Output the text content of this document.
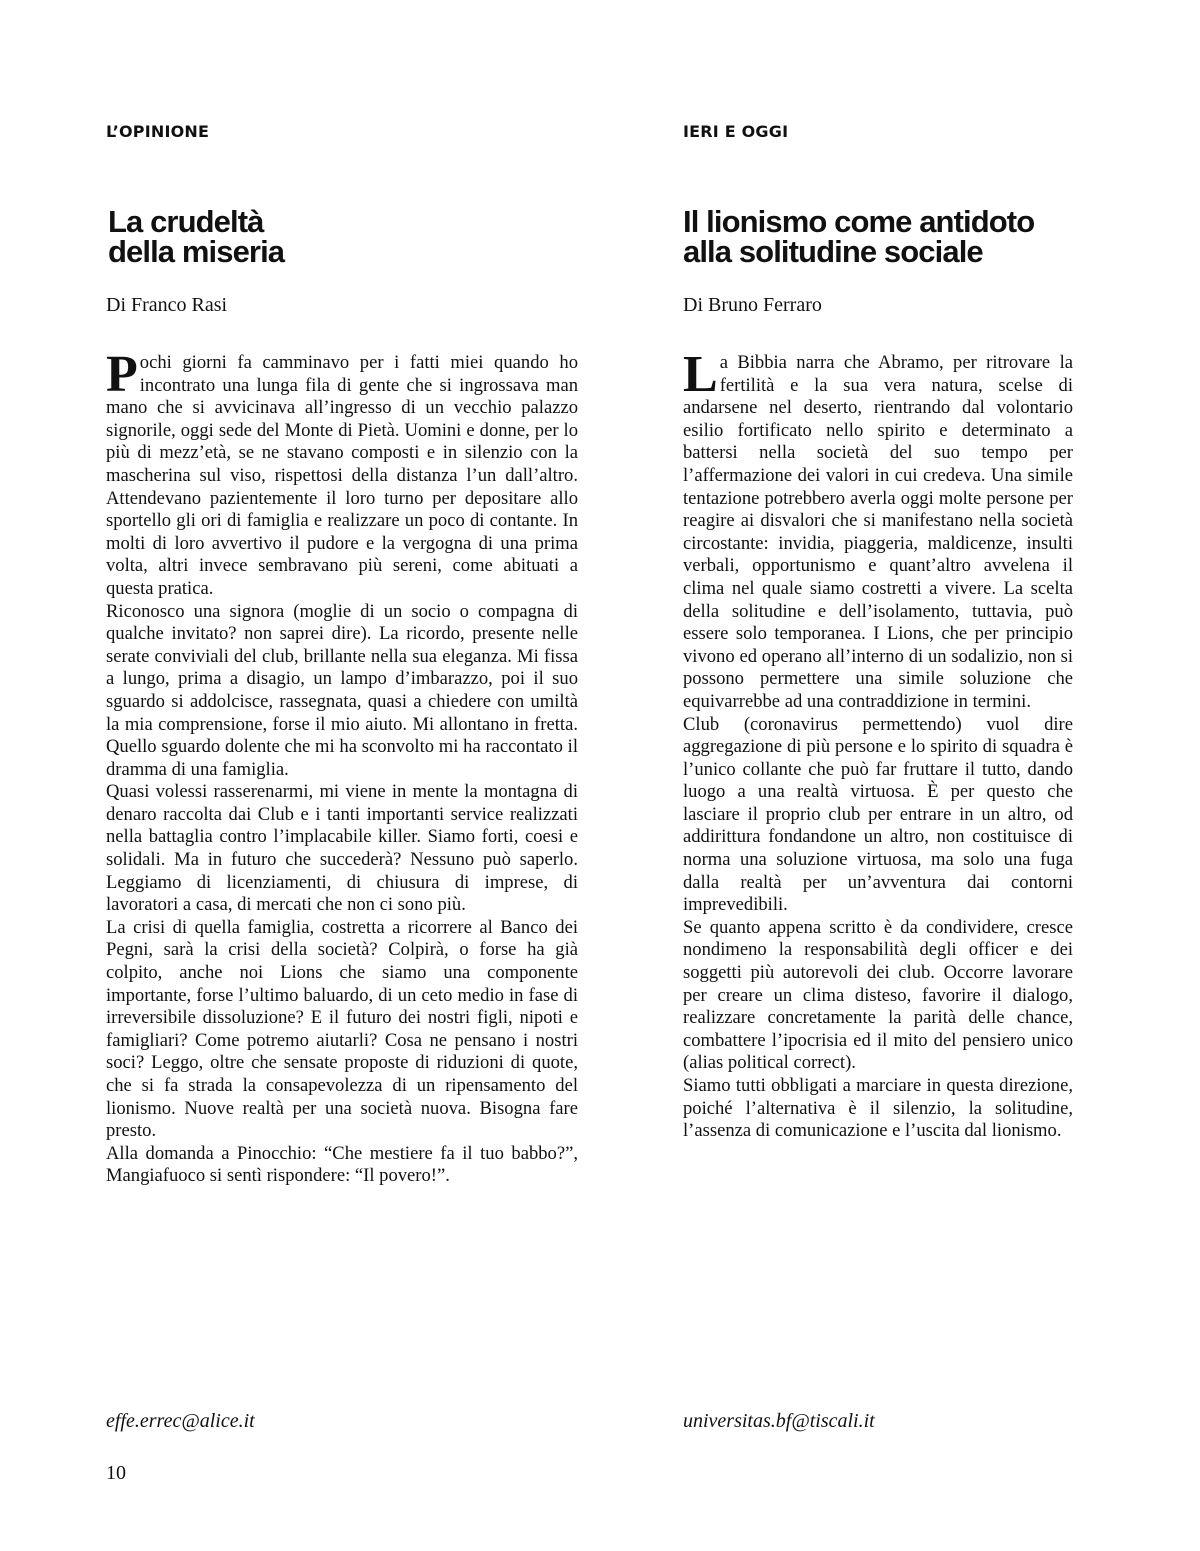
L’OPINIONE
La crudeltà
della miseria
Di Franco Rasi

Pochi giorni fa camminavo per i fatti miei quando ho incontrato una lunga fila di gente che si ingrossava man mano che si avvicinava all’ingresso di un vecchio palazzo signorile, oggi sede del Monte di Pietà. Uomini e donne, per lo più di mezz’età, se ne stavano composti e in silenzio con la mascherina sul viso, rispettosi della distanza l’un dall’altro. Attendevano pazientemente il loro turno per depositare allo sportello gli ori di famiglia e realizzare un poco di contante. In molti di loro avvertivo il pudore e la vergogna di una prima volta, altri invece sembravano più sereni, come abituati a questa pratica.

Riconosco una signora (moglie di un socio o compagna di qualche invitato? non saprei dire). La ricordo, presente nelle serate conviviali del club, brillante nella sua eleganza. Mi fissa a lungo, prima a disagio, un lampo d’imbarazzo, poi il suo sguardo si addolcisce, rassegnata, quasi a chiedere con umiltà la mia comprensione, forse il mio aiuto. Mi allontano in fretta. Quello sguardo dolente che mi ha sconvolto mi ha raccontato il dramma di una famiglia.

Quasi volessi rasserenarmi, mi viene in mente la montagna di denaro raccolta dai Club e i tanti importanti service realizzati nella battaglia contro l’implacabile killer. Siamo forti, coesi e solidali. Ma in futuro che succederà? Nessuno può saperlo. Leggiamo di licenziamenti, di chiusura di imprese, di lavoratori a casa, di mercati che non ci sono più.

La crisi di quella famiglia, costretta a ricorrere al Banco dei Pegni, sarà la crisi della società? Colpirà, o forse ha già colpito, anche noi Lions che siamo una componente importante, forse l’ultimo baluardo, di un ceto medio in fase di irreversibile dissoluzione? E il futuro dei nostri figli, nipoti e famigliari? Come potremo aiutarli? Cosa ne pensano i nostri soci? Leggo, oltre che sensate proposte di riduzioni di quote, che si fa strada la consapevolezza di un ripensamento del lionismo. Nuove realtà per una società nuova. Bisogna fare presto.

Alla domanda a Pinocchio: “Che mestiere fa il tuo babbo?”, Mangiafuoco si sentì rispondere: “Il povero!”.

effe.errec@alice.it
IERI E OGGI
Il lionismo come antidoto
alla solitudine sociale
Di Bruno Ferraro

La Bibbia narra che Abramo, per ritrovare la fertilità e la sua vera natura, scelse di andarsene nel deserto, rientrando dal volontario esilio fortificato nello spirito e determinato a battersi nella società del suo tempo per l’affermazione dei valori in cui credeva. Una simile tentazione potrebbero averla oggi molte persone per reagire ai disvalori che si manifestano nella società circostante: invidia, piaggeria, maldicenze, insulti verbali, opportunismo e quant’altro avvelena il clima nel quale siamo costretti a vivere. La scelta della solitudine e dell’isolamento, tuttavia, può essere solo temporanea. I Lions, che per principio vivono ed operano all’interno di un sodalizio, non si possono permettere una simile soluzione che equivarrebbe ad una contraddizione in termini.

Club (coronavirus permettendo) vuol dire aggregazione di più persone e lo spirito di squadra è l’unico collante che può far fruttare il tutto, dando luogo a una realtà virtuosa. È per questo che lasciare il proprio club per entrare in un altro, od addirittura fondandone un altro, non costituisce di norma una soluzione virtuosa, ma solo una fuga dalla realtà per un’avventura dai contorni imprevedibili.

Se quanto appena scritto è da condividere, cresce nondimeno la responsabilità degli officer e dei soggetti più autorevoli dei club. Occorre lavorare per creare un clima disteso, favorire il dialogo, realizzare concretamente la parità delle chance, combattere l’ipocrisia ed il mito del pensiero unico (alias political correct).

Siamo tutti obbligati a marciare in questa direzione, poiché l’alternativa è il silenzio, la solitudine, l’assenza di comunicazione e l’uscita dal lionismo.

universitas.bf@tiscali.it
10
